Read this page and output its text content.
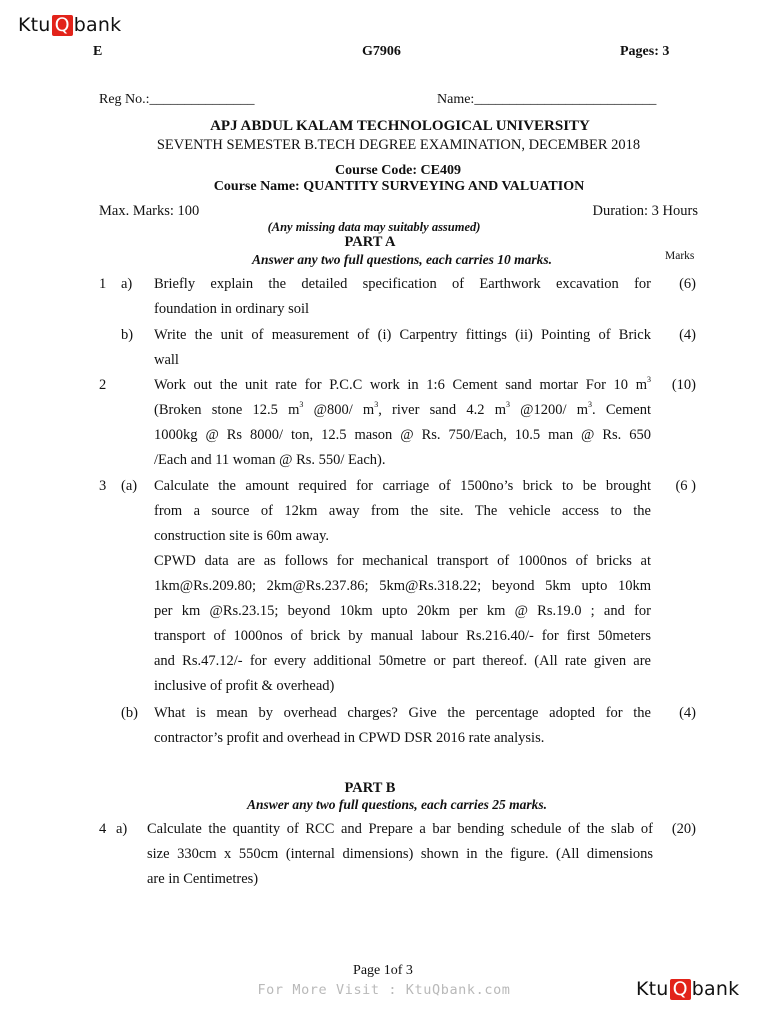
Ktu Q bank
E	G7906	Pages: 3
Reg No.:_______________	Name:__________________________
APJ ABDUL KALAM TECHNOLOGICAL UNIVERSITY
SEVENTH SEMESTER B.TECH DEGREE EXAMINATION, DECEMBER 2018
Course Code: CE409
Course Name: QUANTITY SURVEYING AND VALUATION
Max. Marks: 100	Duration: 3 Hours
(Any missing data may suitably assumed)
PART A
Answer any two full questions, each carries 10 marks.	Marks
1 a) Briefly explain the detailed specification of Earthwork excavation for
foundation in ordinary soil
(6)
b) Write the unit of measurement of (i) Carpentry fittings (ii) Pointing of Brick
wall
(4)
2	Work out the unit rate for P.C.C work in 1:6 Cement sand mortar For 10 $m^3$
(Broken stone 12.5 $m^3$ @800/ $m^3$, river sand 4.2 $m^3$ @1200/ $m^3$. Cement
1000kg @ Rs 8000/ ton, 12.5 mason @ Rs. 750/Each, 10.5 man @ Rs. 650
/Each and 11 woman @ Rs. 550/ Each).
(10)
3 (a) Calculate the amount required for carriage of 1500no’s brick to be brought
from a source of 12km away from the site. The vehicle access to the
construction site is 60m away.
CPWD data are as follows for mechanical transport of 1000nos of bricks at
1km@Rs.209.80; 2km@Rs.237.86; 5km@Rs.318.22; beyond 5km upto 10km
per km @Rs.23.15; beyond 10km upto 20km per km @ Rs.19.0 ; and for
transport of 1000nos of brick by manual labour Rs.216.40/- for first 50meters
and Rs.47.12/- for every additional 50metre or part thereof. (All rate given are
inclusive of profit & overhead)
(6 )
(b) What is mean by overhead charges? Give the percentage adopted for the
contractor’s profit and overhead in CPWD DSR 2016 rate analysis.
(4)
PART B
Answer any two full questions, each carries 25 marks.
4 a) Calculate the quantity of RCC and Prepare a bar bending schedule of the slab of
size 330cm x 550cm (internal dimensions) shown in the figure. (All dimensions
are in Centimetres)
(20)
Page 1of 3
For More Visit : KtuQbank.com	Ktu Q bank
